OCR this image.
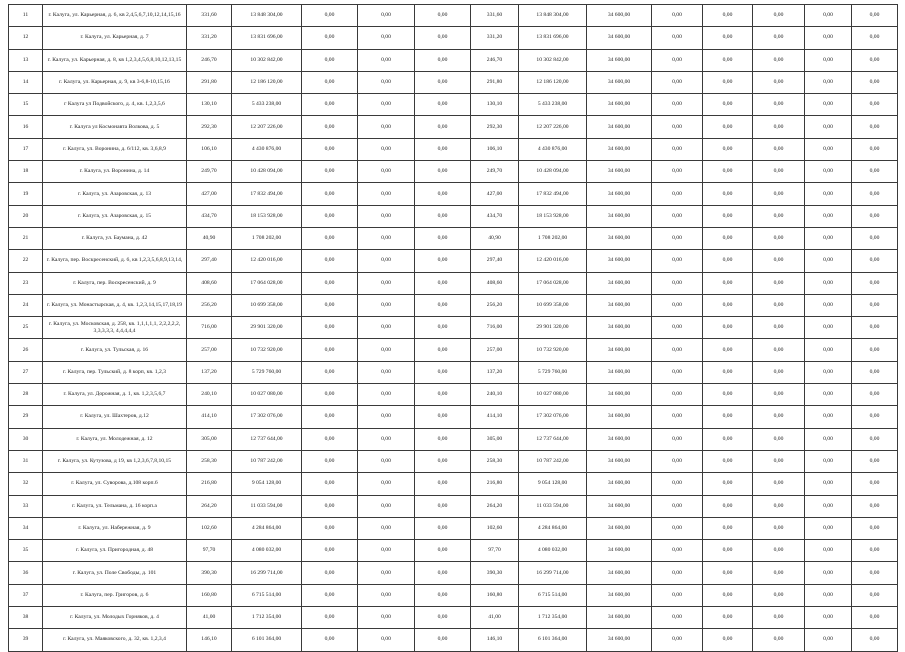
11	г. Калуга, ул. Карьерная, д. 6, кв 2,4,5,6,7,10,12,14,15,16	331,60	13 848 304,00	0,00	0,00	0,00	331,60	13 848 304,00	34 600,00	0,00	0,00	0,00	0,00	0,00
12	г. Калуга, ул. Карьерная, д. 7	331,20	13 831 696,00	0,00	0,00	0,00	331,20	13 831 696,00	34 600,00	0,00	0,00	0,00	0,00	0,00
13	г. Калуга, ул. Карьерная, д. 8, кв 1,2,3,4,5,6,8,10,12,13,15	246,70	10 302 842,00	0,00	0,00	0,00	246,70	10 302 842,00	34 600,00	0,00	0,00	0,00	0,00	0,00
14	г. Калуга, ул. Карьерная, д. 9, кв 3-6,8-10,15,16	291,80	12 186 120,00	0,00	0,00	0,00	291,80	12 186 120,00	34 600,00	0,00	0,00	0,00	0,00	0,00
15	г Калуга ул Подвойского, д. 4, кв. 1,2,3,5,6	130,10	5 433 238,00	0,00	0,00	0,00	130,10	5 433 238,00	34 600,00	0,00	0,00	0,00	0,00	0,00
16	г. Калуга ул Космонавта Волкова, д. 5	292,30	12 207 226,00	0,00	0,00	0,00	292,30	12 207 226,00	34 600,00	0,00	0,00	0,00	0,00	0,00
17	г. Калуга, ул. Воронина, д. 6/112, кв. 3,6,8,9	106,10	4 430 876,00	0,00	0,00	0,00	106,10	4 430 876,00	34 600,00	0,00	0,00	0,00	0,00	0,00
18	г. Калуга, ул. Воронина, д. 14	249,70	10 428 094,00	0,00	0,00	0,00	249,70	10 428 094,00	34 600,00	0,00	0,00	0,00	0,00	0,00
19	г. Калуга, ул. Азаровская, д. 13	427,00	17 832 494,00	0,00	0,00	0,00	427,00	17 832 494,00	34 600,00	0,00	0,00	0,00	0,00	0,00
20	г. Калуга, ул. Азаровская, д. 15	434,70	18 153 928,00	0,00	0,00	0,00	434,70	18 153 928,00	34 600,00	0,00	0,00	0,00	0,00	0,00
21	г. Калуга, ул. Баумана, д. 42	40,90	1 708 202,00	0,00	0,00	0,00	40,90	1 708 202,00	34 600,00	0,00	0,00	0,00	0,00	0,00
22	г. Калуга, пер. Воскресенский, д. 6, кв 1,2,3,5,6,8,9,13,14,	297,40	12 420 016,00	0,00	0,00	0,00	297,40	12 420 016,00	34 600,00	0,00	0,00	0,00	0,00	0,00
23	г. Калуга, пер. Воскресенский, д. 9	408,60	17 064 028,00	0,00	0,00	0,00	408,60	17 064 028,00	34 600,00	0,00	0,00	0,00	0,00	0,00
24	г. Калуга, ул. Монастырская, д. 4, кв. 1,2,3,14,15,17,18,19	256,20	10 699 358,00	0,00	0,00	0,00	256,20	10 699 358,00	34 600,00	0,00	0,00	0,00	0,00	0,00
25	г. Калуга, ул. Московская, д. 258, кв. 1,1,1,1,1, 2,2,2,2,2, 3,3,3,3,3, 4,4,4,4,4	716,00	29 901 320,00	0,00	0,00	0,00	716,00	29 901 320,00	34 600,00	0,00	0,00	0,00	0,00	0,00
26	г. Калуга, ул. Тульская, д. 16	257,00	10 732 920,00	0,00	0,00	0,00	257,00	10 732 920,00	34 600,00	0,00	0,00	0,00	0,00	0,00
27	г. Калуга, пер. Тульский, д. 8 корп, кв. 1,2,3	137,20	5 729 760,00	0,00	0,00	0,00	137,20	5 729 760,00	34 600,00	0,00	0,00	0,00	0,00	0,00
28	г. Калуга, ул. Дорожная, д. 1, кв. 1,2,3,5,6,7	240,10	10 027 080,00	0,00	0,00	0,00	240,10	10 027 080,00	34 600,00	0,00	0,00	0,00	0,00	0,00
29	г. Калуга, ул. Шахтеров, д.12	414,10	17 302 076,00	0,00	0,00	0,00	414,10	17 302 076,00	34 600,00	0,00	0,00	0,00	0,00	0,00
30	г. Калуга, ул. Молодежная, д. 12	305,00	12 737 644,00	0,00	0,00	0,00	305,00	12 737 644,00	34 600,00	0,00	0,00	0,00	0,00	0,00
31	г. Калуга, ул. Кутузова, д 19, кв 1,2,3,6,7,8,10,15	258,30	10 787 242,00	0,00	0,00	0,00	258,30	10 787 242,00	34 600,00	0,00	0,00	0,00	0,00	0,00
32	г. Калуга, ул. Суворова, д.108 корп.6	216,80	9 054 128,00	0,00	0,00	0,00	216,80	9 054 128,00	34 600,00	0,00	0,00	0,00	0,00	0,00
33	г. Калуга, ул. Тельмана, д. 16 корп.а	264,20	11 033 594,00	0,00	0,00	0,00	264,20	11 033 594,00	34 600,00	0,00	0,00	0,00	0,00	0,00
34	г. Калуга, ул. Набережная, д. 9	102,60	4 284 864,00	0,00	0,00	0,00	102,60	4 284 864,00	34 600,00	0,00	0,00	0,00	0,00	0,00
35	г. Калуга, ул. Пригородная, д. 48	97,70	4 080 032,00	0,00	0,00	0,00	97,70	4 080 032,00	34 600,00	0,00	0,00	0,00	0,00	0,00
36	г. Калуга, ул. Поле Свободы, д. 101	390,30	16 299 714,00	0,00	0,00	0,00	390,30	16 299 714,00	34 600,00	0,00	0,00	0,00	0,00	0,00
37	г. Калуга, пер. Григоров, д. 6	160,80	6 715 514,00	0,00	0,00	0,00	160,80	6 715 514,00	34 600,00	0,00	0,00	0,00	0,00	0,00
38	г. Калуга, ул. Молодых Горняков, д. 4	41,00	1 712 354,00	0,00	0,00	0,00	41,00	1 712 354,00	34 600,00	0,00	0,00	0,00	0,00	0,00
39	г. Калуга, ул. Маяковского, д. 32, кв. 1,2,3,4	146,10	6 101 364,00	0,00	0,00	0,00	146,10	6 101 364,00	34 600,00	0,00	0,00	0,00	0,00	0,00
